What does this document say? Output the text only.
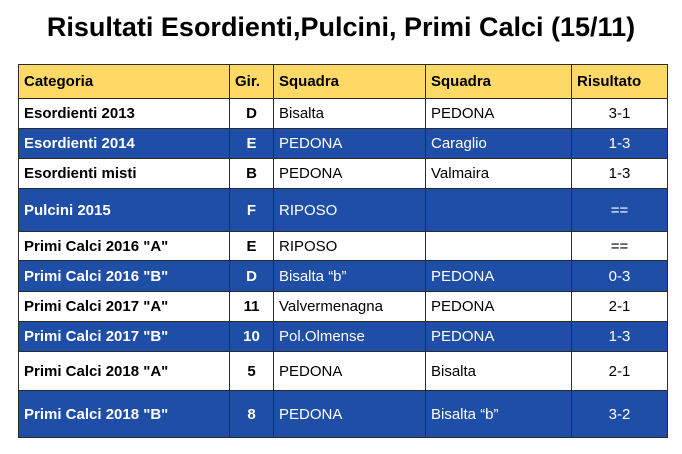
Risultati Esordienti,Pulcini, Primi Calci (15/11)
Categoria	Gir.	Squadra	Squadra	Risultato
Esordienti 2013	D	Bisalta	PEDONA	3-1
Esordienti 2014	E	PEDONA	Caraglio	1-3
Esordienti misti	B	PEDONA	Valmaira	1-3
Pulcini 2015	F	RIPOSO		==
Primi Calci 2016 "A"	E	RIPOSO		==
Primi Calci 2016 "B"	D	Bisalta “b”	PEDONA	0-3
Primi Calci 2017 "A"	11	Valvermenagna	PEDONA	2-1
Primi Calci 2017 "B"	10	Pol.Olmense	PEDONA	1-3
Primi Calci 2018 "A"	5	PEDONA	Bisalta	2-1
Primi Calci 2018 "B"	8	PEDONA	Bisalta “b”	3-2
